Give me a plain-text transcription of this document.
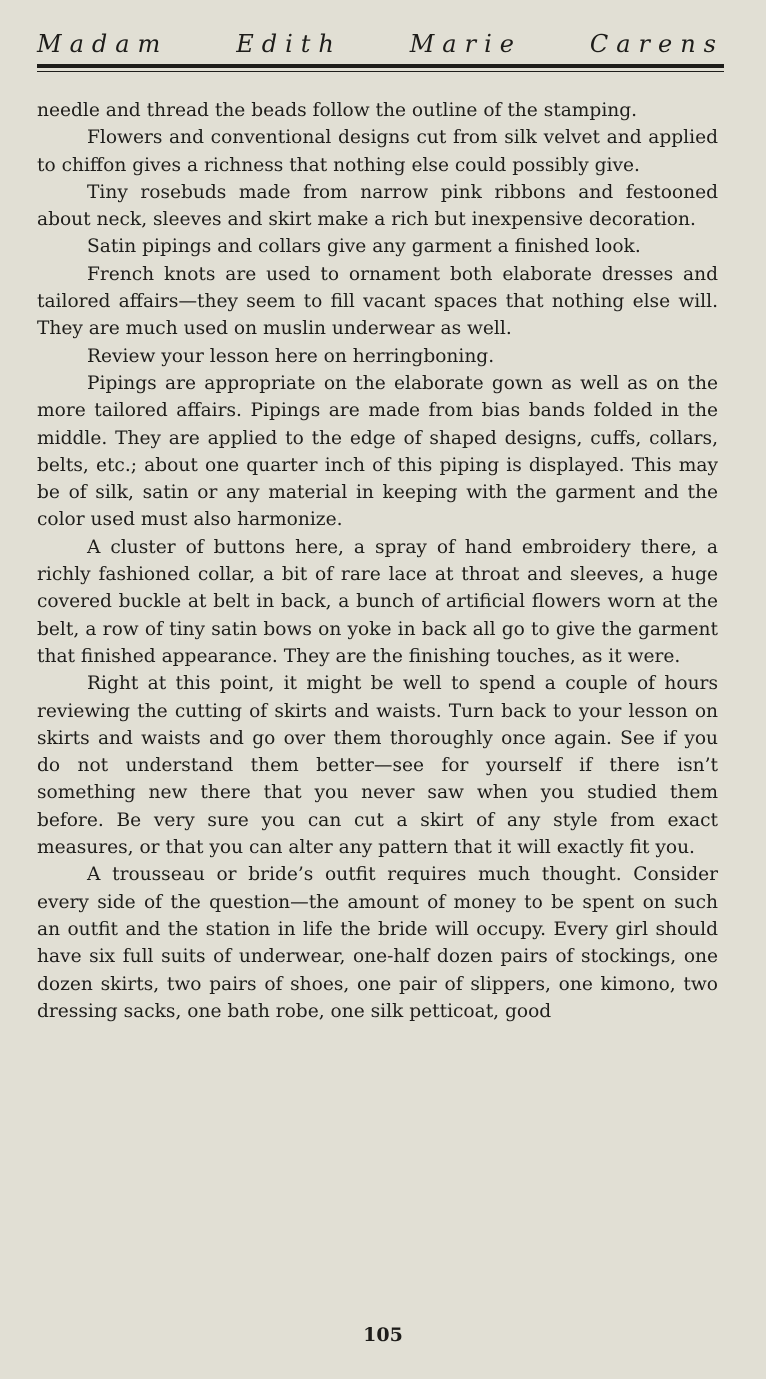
Madam	Edith	Marie	Carens

needle and thread the beads follow the outline of the stamping.

Flowers and conventional designs cut from silk velvet and applied to chiffon gives a richness that nothing else could possibly give.

Tiny rosebuds made from narrow pink ribbons and festooned about neck, sleeves and skirt make a rich but inexpensive decoration.

Satin pipings and collars give any garment a finished look.

French knots are used to ornament both elaborate dresses and tailored affairs—they seem to fill vacant spaces that nothing else will. They are much used on muslin underwear as well.

Review your lesson here on herringboning.

Pipings are appropriate on the elaborate gown as well as on the more tailored affairs. Pipings are made from bias bands folded in the middle. They are applied to the edge of shaped designs, cuffs, collars, belts, etc.; about one quarter inch of this piping is displayed. This may be of silk, satin or any material in keeping with the garment and the color used must also harmonize.

A cluster of buttons here, a spray of hand embroidery there, a richly fashioned collar, a bit of rare lace at throat and sleeves, a huge covered buckle at belt in back, a bunch of artificial flowers worn at the belt, a row of tiny satin bows on yoke in back all go to give the garment that finished appearance. They are the finishing touches, as it were.

Right at this point, it might be well to spend a couple of hours reviewing the cutting of skirts and waists. Turn back to your lesson on skirts and waists and go over them thoroughly once again. See if you do not understand them better—see for yourself if there isn’t something new there that you never saw when you studied them before. Be very sure you can cut a skirt of any style from exact measures, or that you can alter any pattern that it will exactly fit you.

A trousseau or bride’s outfit requires much thought. Consider every side of the question—the amount of money to be spent on such an outfit and the station in life the bride will occupy. Every girl should have six full suits of underwear, one-half dozen pairs of stockings, one dozen skirts, two pairs of shoes, one pair of slippers, one kimono, two dressing sacks, one bath robe, one silk petticoat, good

105
